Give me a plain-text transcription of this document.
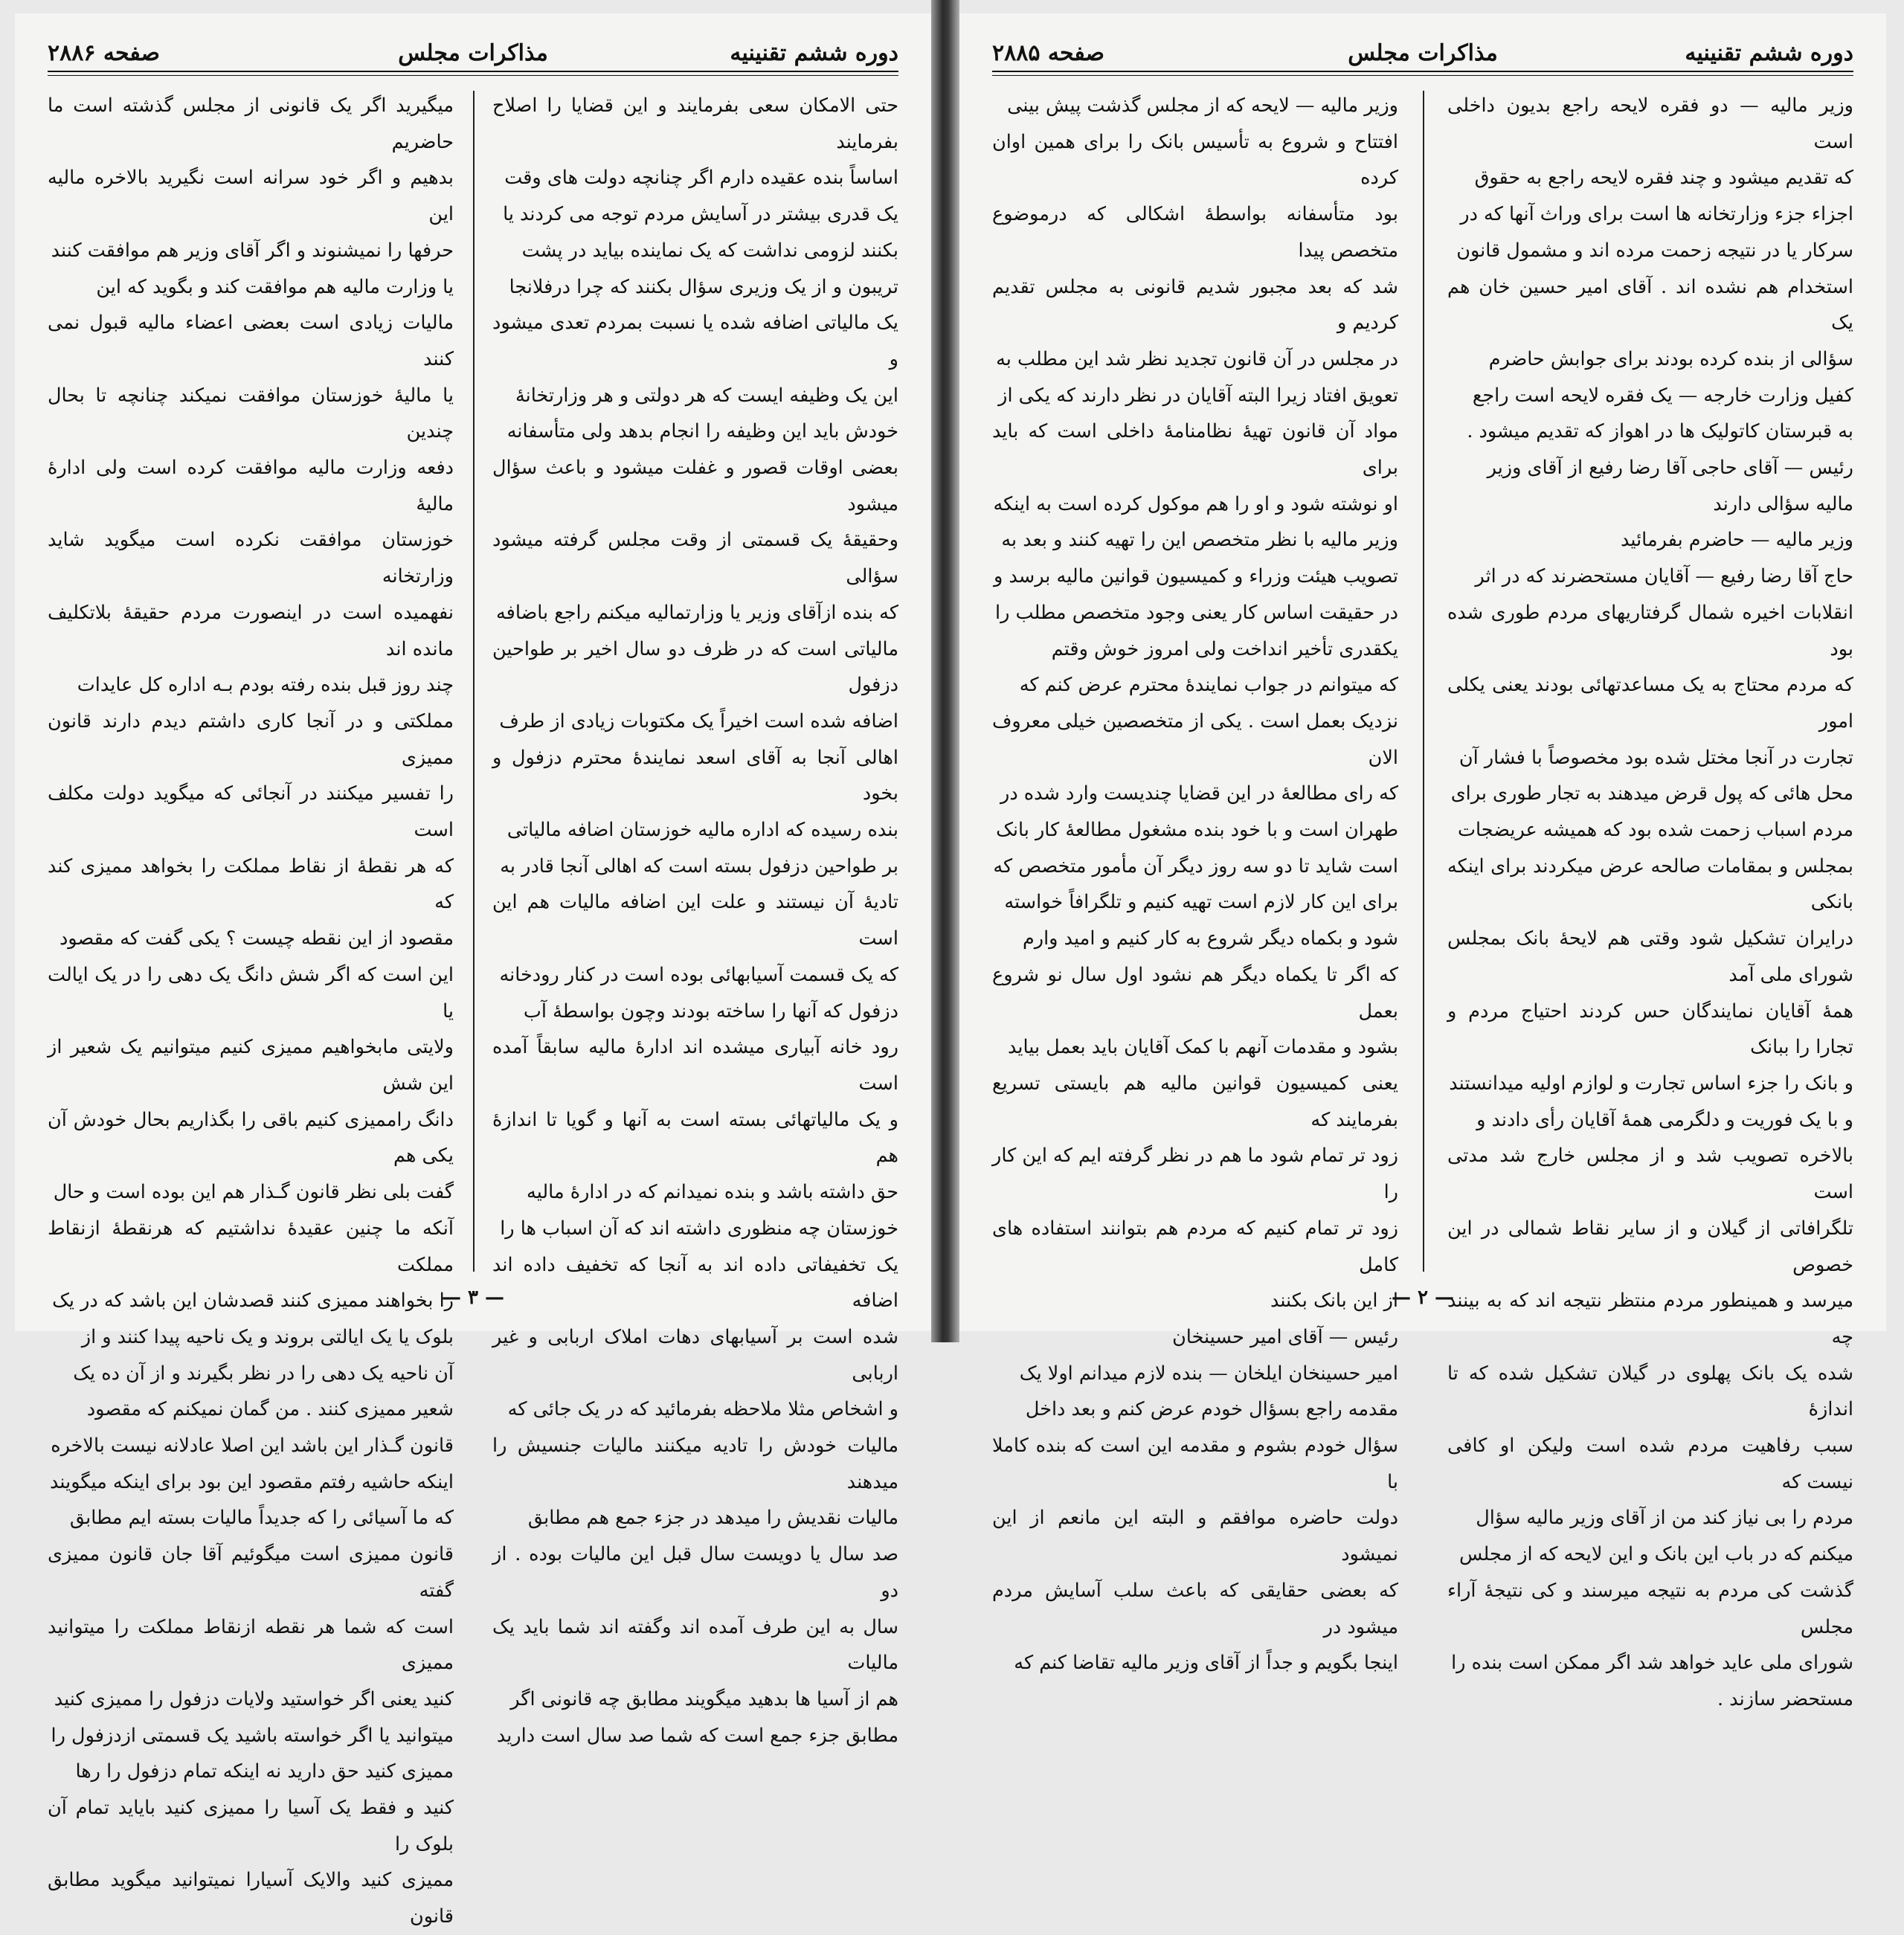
دوره ششم تقنینیه
مذاکرات مجلس
صفحه ۲۸۸۶

حتی الامکان سعی بفرمایند و این قضایا را اصلاح بفرمایند

اساساً بنده عقیده دارم اگر چنانچه دولت های وقت

یک قدری بیشتر در آسایش مردم توجه می کردند یا

بکنند لزومی نداشت که یک نماینده بیاید در پشت

تریبون و از یک وزیری سؤال بکنند که چرا درفلانجا

یک مالیاتی اضافه شده یا نسبت بمردم تعدی میشود و

این یک وظیفه ایست که هر دولتی و هر وزارتخانهٔ

خودش باید این وظیفه را انجام بدهد ولی متأسفانه

بعضی اوقات قصور و غفلت میشود و باعث سؤال میشود

وحقیقهٔ یک قسمتی از وقت مجلس گرفته میشود سؤالی

که بنده ازآقای وزیر یا وزارتمالیه میکنم راجع باضافه

مالیاتی است که در ظرف دو سال اخیر بر طواحین دزفول

اضافه شده است اخیراً یک مکتوبات زیادی از طرف

اهالی آنجا به آقای اسعد نمایندهٔ محترم دزفول و بخود

بنده رسیده که اداره مالیه خوزستان اضافه مالیاتی

بر طواحین دزفول بسته است که اهالی آنجا قادر به

تادیهٔ آن نیستند و علت این اضافه مالیات هم این است

که یک قسمت آسیابهائی بوده است در کنار رودخانه

دزفول که آنها را ساخته بودند وچون بواسطهٔ آب

رود خانه آبیاری میشده اند ادارهٔ مالیه سابقاً آمده است

و یک مالیاتهائی بسته است به آنها و گویا تا اندازهٔ هم

حق داشته باشد و بنده نمیدانم که در ادارهٔ مالیه

خوزستان چه منظوری داشته اند که آن اسباب ها را

یک تخفیفاتی داده اند به آنجا که تخفیف داده اند اضافه

شده است بر آسیابهای دهات املاک اربابی و غیر اربابی

و اشخاص مثلا ملاحظه بفرمائید که در یک جائی که

مالیات خودش را تادیه میکنند مالیات جنسیش را میدهند

مالیات نقدیش را میدهد در جزء جمع هم مطابق

صد سال یا دویست سال قبل این مالیات بوده . از دو

سال به این طرف آمده اند وگفته اند شما باید یک مالیات

هم از آسیا ها بدهید میگویند مطابق چه قانونی اگر

مطابق جزء جمع است که شما صد سال است دارید

میگیرید اگر یک قانونی از مجلس گذشته است ما حاضریم

بدهیم و اگر خود سرانه است نگیرید بالاخره مالیه این

حرفها را نمیشنوند و اگر آقای وزیر هم موافقت کنند

یا وزارت مالیه هم موافقت کند و بگوید که این

مالیات زیادی است بعضی اعضاء مالیه قبول نمی کنند

یا مالیهٔ خوزستان موافقت نمیکند چنانچه تا بحال چندین

دفعه وزارت مالیه موافقت کرده است ولی ادارهٔ مالیهٔ

خوزستان موافقت نکرده است میگوید شاید وزارتخانه

نفهمیده است در اینصورت مردم حقیقهٔ بلاتکلیف مانده اند

چند روز قبل بنده رفته بودم بـه اداره کل عایدات

مملکتی و در آنجا کاری داشتم دیدم دارند قانون ممیزی

را تفسیر میکنند در آنجائی که میگوید دولت مکلف است

که هر نقطهٔ از نقاط مملکت را بخواهد ممیزی کند که

مقصود از این نقطه چیست ؟ یکی گفت که مقصود

این است که اگر شش دانگ یک دهی را در یک ایالت یا

ولایتی مابخواهیم ممیزی کنیم میتوانیم یک شعیر از این شش

دانگ راممیزی کنیم باقی را بگذاریم بحال خودش آن یکی هم

گفت بلی نظر قانون گـذار هم این بوده است و حال

آنکه ما چنین عقیدهٔ نداشتیم که هرنقطهٔ ازنقاط مملکت

را بخواهند ممیزی کنند قصدشان این باشد که در یک

بلوک یا یک ایالتی بروند و یک ناحیه پیدا کنند و از

آن ناحیه یک دهی را در نظر بگیرند و از آن ده یک

شعیر ممیزی کنند . من گمان نمیکنم که مقصود

قانون گـذار این باشد این اصلا عادلانه نیست بالاخره

اینکه حاشیه رفتم مقصود این بود برای اینکه میگویند

که ما آسیائی را که جدیداً مالیات بسته ایم مطابق

قانون ممیزی است میگوئیم آقا جان قانون ممیزی گفته

است که شما هر نقطه ازنقاط مملکت را میتوانید ممیزی

کنید یعنی اگر خواستید ولایات دزفول را ممیزی کنید

میتوانید یا اگر خواسته باشید یک قسمتی ازدزفول را

ممیزی کنید حق دارید نه اینکه تمام دزفول را رها

کنید و فقط یک آسیا را ممیزی کنید بایاید تمام آن بلوک را

ممیزی کنید والایک آسیارا نمیتوانید میگوید مطابق قانون

— ۳ —
دوره ششم تقنینیه
مذاکرات مجلس
صفحه ۲۸۸۵

وزیر مالیه — دو فقره لایحه راجع بدیون داخلی است

که تقدیم میشود و چند فقره لایحه راجع به حقوق

اجزاء جزء وزارتخانه ها است برای وراث آنها که در

سرکار یا در نتیجه زحمت مرده اند و مشمول قانون

استخدام هم نشده اند . آقای امیر حسین خان هم یک

سؤالی از بنده کرده بودند برای جوابش حاضرم

کفیل وزارت خارجه — یک فقره لایحه است راجع

به قبرستان کاتولیک ها در اهواز که تقدیم میشود .

رئیس — آقای حاجی آقا رضا رفیع از آقای وزیر

مالیه سؤالی دارند

وزیر مالیه — حاضرم بفرمائید

حاج آقا رضا رفیع — آقایان مستحضرند که در اثر

انقلابات اخیره شمال گرفتاریهای مردم طوری شده بود

که مردم محتاج به یک مساعدتهائی بودند یعنی یکلی امور

تجارت در آنجا مختل شده بود مخصوصاً با فشار آن

محل هائی که پول قرض میدهند به تجار طوری برای

مردم اسباب زحمت شده بود که همیشه عریضجات

بمجلس و بمقامات صالحه عرض میکردند برای اینکه بانکی

درایران تشکیل شود وقتی هم لایحهٔ بانک بمجلس شورای ملی آمد

همهٔ آقایان نمایندگان حس کردند احتیاج مردم و تجارا را ببانک

و بانک را جزء اساس تجارت و لوازم اولیه میدانستند

و با یک فوریت و دلگرمی همهٔ آقایان رأی دادند و

بالاخره تصویب شد و از مجلس خارج شد مدتی است

تلگرافاتی از گیلان و از سایر نقاط شمالی در این خصوص

میرسد و همینطور مردم منتظر نتیجه اند که به بینند چه

شده یک بانک پهلوی در گیلان تشکیل شده که تا اندازهٔ

سبب رفاهیت مردم شده است ولیکن او کافی نیست که

مردم را بی نیاز کند من از آقای وزیر مالیه سؤال

میکنم که در باب این بانک و این لایحه که از مجلس

گذشت کی مردم به نتیجه میرسند و کی نتیجهٔ آراء مجلس

شورای ملی عاید خواهد شد اگر ممکن است بنده را

مستحضر سازند .

وزیر مالیه — لایحه که از مجلس گذشت پیش بینی

افتتاح و شروع به تأسیس بانک را برای همین اوان کرده

بود متأسفانه بواسطهٔ اشکالی که درموضوع متخصص پیدا

شد که بعد مجبور شدیم قانونی به مجلس تقدیم کردیم و

در مجلس در آن قانون تجدید نظر شد این مطلب به

تعویق افتاد زیرا البته آقایان در نظر دارند که یکی از

مواد آن قانون تهیهٔ نظامنامهٔ داخلی است که باید برای

او نوشته شود و او را هم موکول کرده است به اینکه

وزیر مالیه با نظر متخصص این را تهیه کنند و بعد به

تصویب هیئت وزراء و کمیسیون قوانین مالیه برسد و

در حقیقت اساس کار یعنی وجود متخصص مطلب را

یکقدری تأخیر انداخت ولی امروز خوش وقتم

که میتوانم در جواب نمایندهٔ محترم عرض کنم که

نزدیک بعمل است . یکی از متخصصین خیلی معروف الان

که رای مطالعهٔ در این قضایا چندیست وارد شده در

طهران است و با خود بنده مشغول مطالعهٔ کار بانک

است شاید تا دو سه روز دیگر آن مأمور متخصص که

برای این کار لازم است تهیه کنیم و تلگرافاً خواسته

شود و بکماه دیگر شروع به کار کنیم و امید وارم

که اگر تا یکماه دیگر هم نشود اول سال نو شروع بعمل

بشود و مقدمات آنهم با کمک آقایان باید بعمل بیاید

یعنی کمیسیون قوانین مالیه هم بایستی تسریع بفرمایند که

زود تر تمام شود ما هم در نظر گرفته ایم که این کار را

زود تر تمام کنیم که مردم هم بتوانند استفاده های کامل

از این بانک بکنند

رئیس — آقای امیر حسینخان

امیر حسینخان ایلخان — بنده لازم میدانم اولا یک

مقدمه راجع بسؤال خودم عرض کنم و بعد داخل

سؤال خودم بشوم و مقدمه این است که بنده کاملا با

دولت حاضره موافقم و البته این مانعم از این نمیشود

که بعضی حقایقی که باعث سلب آسایش مردم میشود در

اینجا بگویم و جداً از آقای وزیر مالیه تقاضا کنم که

— ۲ —
